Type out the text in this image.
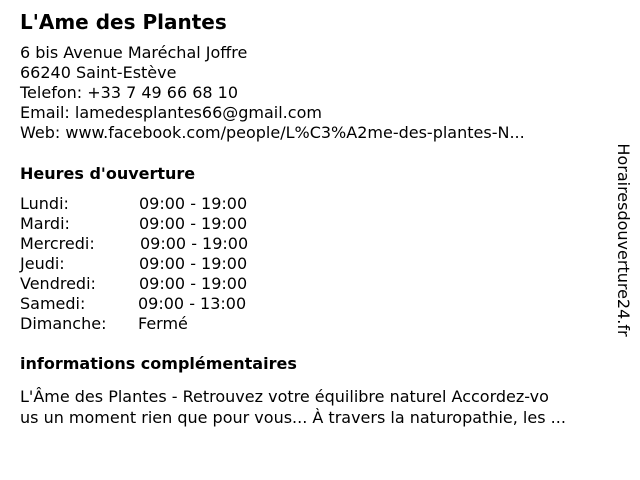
L'Ame des Plantes
6 bis Avenue Maréchal Joffre
66240 Saint-Estève
Telefon: +33 7 49 66 68 10
Email: lamedesplantes66@gmail.com
Web: www.facebook.com/people/L%C3%A2me-des-plantes-N...
Heures d'ouverture
Lundi:	09:00 - 19:00
Mardi:	09:00 - 19:00
Mercredi:	09:00 - 19:00
Jeudi:	09:00 - 19:00
Vendredi:	09:00 - 19:00
Samedi:	09:00 - 13:00
Dimanche: Fermé
informations complémentaires
L'Âme des Plantes - Retrouvez votre équilibre naturel Accordez-vo
us un moment rien que pour vous... À travers la naturopathie, les ...
Horairesdouverture24.fr
